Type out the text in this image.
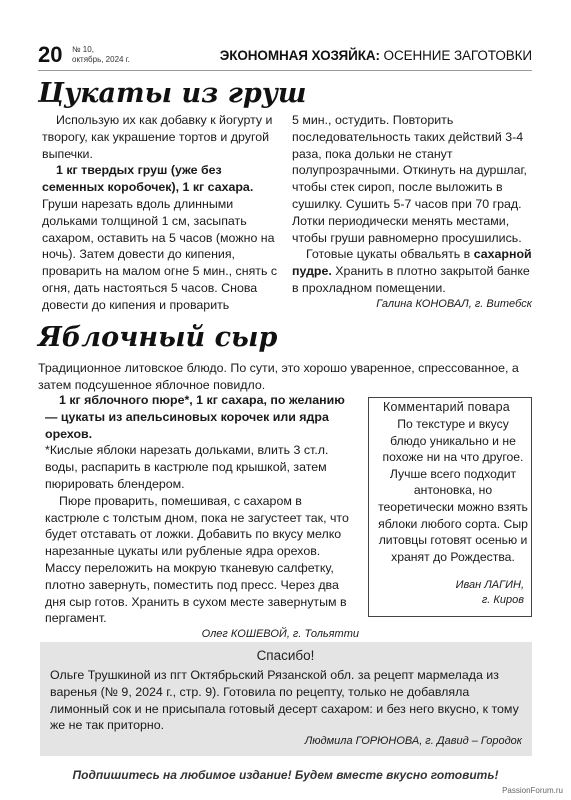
20	№ 10,
октябрь, 2024 г.	ЭКОНОМНАЯ ХОЗЯЙКА: ОСЕННИЕ ЗАГОТОВКИ
Цукаты из груш

Использую их как добавку к йогурту и творогу, как украшение тортов и другой выпечки.

1 кг твердых груш (уже без семенных коробочек), 1 кг сахара.

Груши нарезать вдоль длинными дольками толщиной 1 см, засыпать сахаром, оставить на 5 часов (можно на ночь). Затем довести до кипения, проварить на малом огне 5 мин., снять с огня, дать настояться 5 часов. Снова довести до кипения и проварить

5 мин., остудить. Повторить последовательность таких действий 3-4 раза, пока дольки не станут полупрозрачными. Откинуть на дуршлаг, чтобы стек сироп, после выложить в сушилку. Сушить 5-7 часов при 70 град. Лотки периодически менять местами, чтобы груши равномерно просушились.

Готовые цукаты обвальять в сахарной пудре. Хранить в плотно закрытой банке в прохладном помещении.

Галина КОНОВАЛ, г. Витебск

Яблочный сыр

Традиционное литовское блюдо. По сути, это хорошо уваренное, спрессованное, а затем подсушенное яблочное повидло.

1 кг яблочного пюре*, 1 кг сахара, по желанию — цукаты из апельсиновых корочек или ядра орехов.

*Кислые яблоки нарезать дольками, влить 3 ст.л. воды, распарить в кастрюле под крышкой, затем пюрировать блендером.

Пюре проварить, помешивая, с сахаром в кастрюле с толстым дном, пока не загустеет так, что будет отставать от ложки. Добавить по вкусу мелко нарезанные цукаты или рубленые ядра орехов. Массу переложить на мокрую тканевую салфетку, плотно завернуть, поместить под пресс. Через два дня сыр готов. Хранить в сухом месте завернутым в пергамент.

Олег КОШЕВОЙ, г. Тольятти

Комментарий повара

По текстуре и вкусу блюдо уникально и не похоже ни на что другое. Лучше всего подходит антоновка, но теоретически можно взять яблоки любого сорта. Сыр литовцы готовят осенью и хранят до Рождества.

Иван ЛАГИН,
г. Киров
Спасибо!

Ольге Трушкиной из пгт Октябрьский Рязанской обл. за рецепт мармелада из варенья (№ 9, 2024 г., стр. 9). Готовила по рецепту, только не добавляла лимонный сок и не присыпала готовый десерт сахаром: и без него вкусно, к тому же не так приторно.

Людмила ГОРЮНОВА, г. Давид – Городок

Подпишитесь на любимое издание! Будем вместе вкусно готовить!
PassionForum.ru
